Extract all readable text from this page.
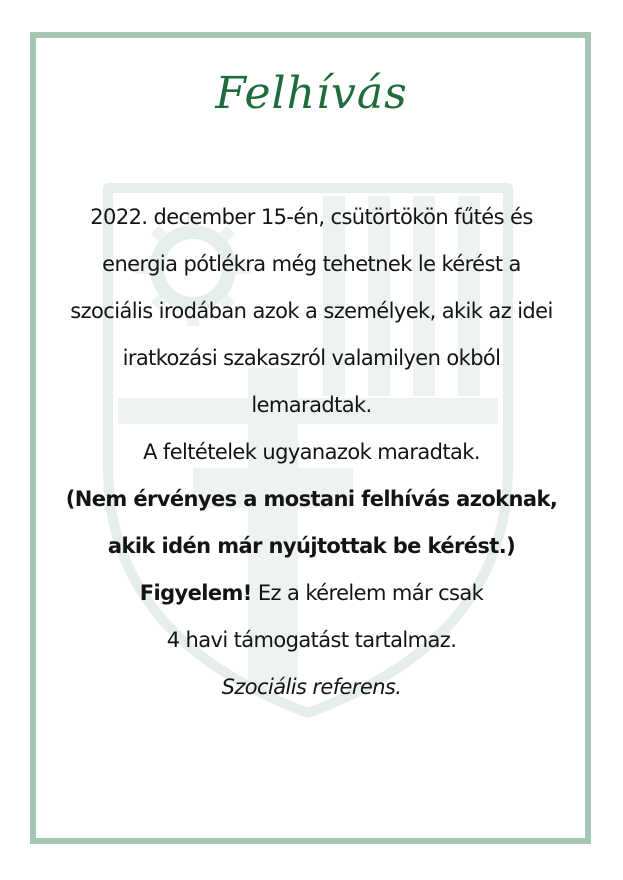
Felhívás

2022. december 15-én, csütörtökön fűtés és

energia pótlékra még tehetnek le kérést a

szociális irodában azok a személyek, akik az idei

iratkozási szakaszról valamilyen okból

lemaradtak.

A feltételek ugyanazok maradtak.

(Nem érvényes a mostani felhívás azoknak,

akik idén már nyújtottak be kérést.)

Figyelem! Ez a kérelem már csak

4 havi támogatást tartalmaz.

Szociális referens.
